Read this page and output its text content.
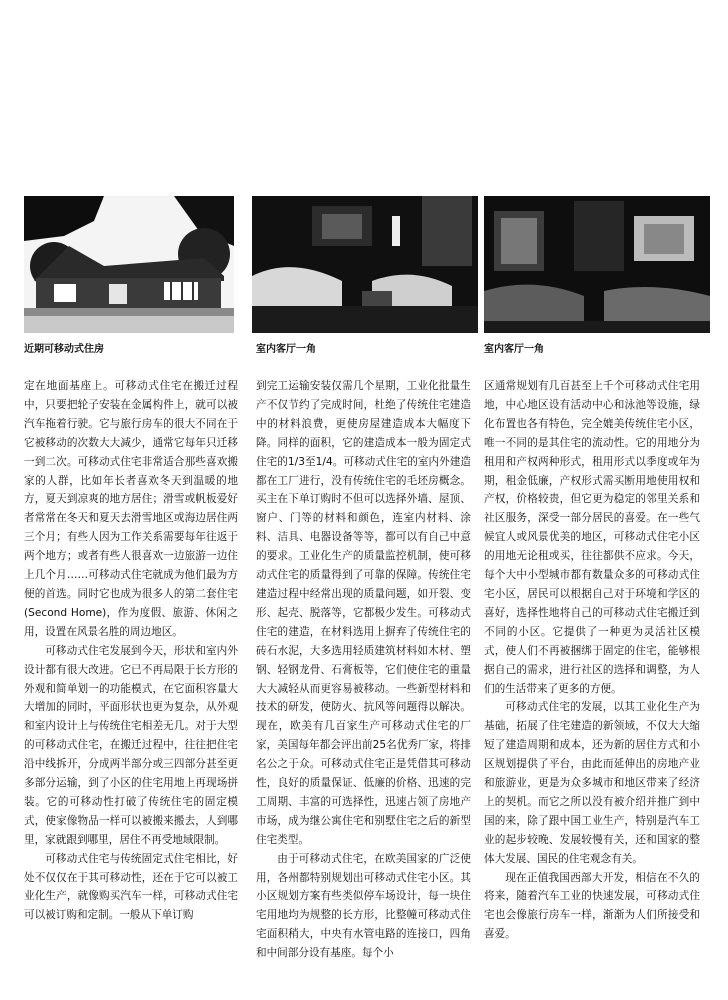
近期可移动式住房	室内客厅一角	室内客厅一角

定在地面基座上。可移动式住宅在搬迁过程中，只要把轮子安装在金属构件上，就可以被汽车拖着行驶。它与旅行房车的很大不同在于它被移动的次数大大减少，通常它每年只迁移一到二次。可移动式住宅非常适合那些喜欢搬家的人群，比如年长者喜欢冬天到温暖的地方，夏天到凉爽的地方居住；滑雪或帆板爱好者常常在冬天和夏天去滑雪地区或海边居住两三个月；有些人因为工作关系需要每年往返于两个地方；或者有些人很喜欢一边旅游一边住上几个月……可移动式住宅就成为他们最为方便的首选。同时它也成为很多人的第二套住宅(Second Home)，作为度假、旅游、休闲之用，设置在风景名胜的周边地区。

可移动式住宅发展到今天，形状和室内外设计都有很大改进。它已不再局限于长方形的外观和简单划一的功能模式，在它面积容量大大增加的同时，平面形状也更为复杂，从外观和室内设计上与传统住宅相差无几。对于大型的可移动式住宅，在搬迁过程中，往往把住宅沿中线拆开，分成两半部分或三四部分甚至更多部分运输，到了小区的住宅用地上再现场拼装。它的可移动性打破了传统住宅的固定模式，使家像物品一样可以被搬来搬去，人到哪里，家就跟到哪里，居住不再受地域限制。

可移动式住宅与传统固定式住宅相比，好处不仅仅在于其可移动性，还在于它可以被工业化生产，就像购买汽车一样，可移动式住宅可以被订购和定制。一般从下单订购

到完工运输安装仅需几个星期，工业化批量生产不仅节约了完成时间，杜绝了传统住宅建造中的材料浪费，更使房屋建造成本大幅度下降。同样的面积，它的建造成本一般为固定式住宅的1/3至1/4。可移动式住宅的室内外建造都在工厂进行，没有传统住宅的毛坯房概念。买主在下单订购时不但可以选择外墙、屋顶、窗户、门等的材料和颜色，连室内材料、涂料、洁具、电器设备等等，都可以有自己中意的要求。工业化生产的质量监控机制，使可移动式住宅的质量得到了可靠的保障。传统住宅建造过程中经常出现的质量问题，如开裂、变形、起壳、脱落等，它都极少发生。可移动式住宅的建造，在材料选用上摒弃了传统住宅的砖石水泥，大多选用轻质建筑材料如木材、塑钢、轻钢龙骨、石膏板等，它们使住宅的重量大大减轻从而更容易被移动。一些新型材料和技术的研发，使防火、抗风等问题得以解决。现在，欧美有几百家生产可移动式住宅的厂家，美国每年都会评出前25名优秀厂家，将排名公之于众。可移动式住宅正是凭借其可移动性，良好的质量保证、低廉的价格、迅速的完工周期、丰富的可选择性，迅速占领了房地产市场，成为继公寓住宅和别墅住宅之后的新型住宅类型。

由于可移动式住宅，在欧美国家的广泛使用，各州都特别规划出可移动式住宅小区。其小区规划方案有些类似停车场设计，每一块住宅用地均为规整的长方形，比整幢可移动式住宅面积稍大，中央有水管电路的连接口，四角和中间部分设有基座。每个小

区通常规划有几百甚至上千个可移动式住宅用地，中心地区设有活动中心和泳池等设施，绿化布置也各有特色，完全媲美传统住宅小区，唯一不同的是其住宅的流动性。它的用地分为租用和产权两种形式，租用形式以季度或年为期，租金低廉，产权形式需买断用地使用权和产权，价格较贵，但它更为稳定的邻里关系和社区服务，深受一部分居民的喜爱。在一些气候宜人或风景优美的地区，可移动式住宅小区的用地无论租或买，往往都供不应求。今天，每个大中小型城市都有数量众多的可移动式住宅小区，居民可以根据自己对于环境和学区的喜好，选择性地将自己的可移动式住宅搬迁到不同的小区。它提供了一种更为灵活社区模式，使人们不再被捆绑于固定的住宅，能够根据自己的需求，进行社区的选择和调整，为人们的生活带来了更多的方便。

可移动式住宅的发展，以其工业化生产为基础，拓展了住宅建造的新领域，不仅大大缩短了建造周期和成本，还为新的居住方式和小区规划提供了平台，由此而延伸出的房地产业和旅游业，更是为众多城市和地区带来了经济上的契机。而它之所以没有被介绍并推广到中国的来，除了跟中国工业生产，特别是汽车工业的起步较晚、发展较慢有关，还和国家的整体大发展、国民的住宅观念有关。

现在正值我国西部大开发，相信在不久的将来，随着汽车工业的快速发展，可移动式住宅也会像旅行房车一样，渐渐为人们所接受和喜爱。
